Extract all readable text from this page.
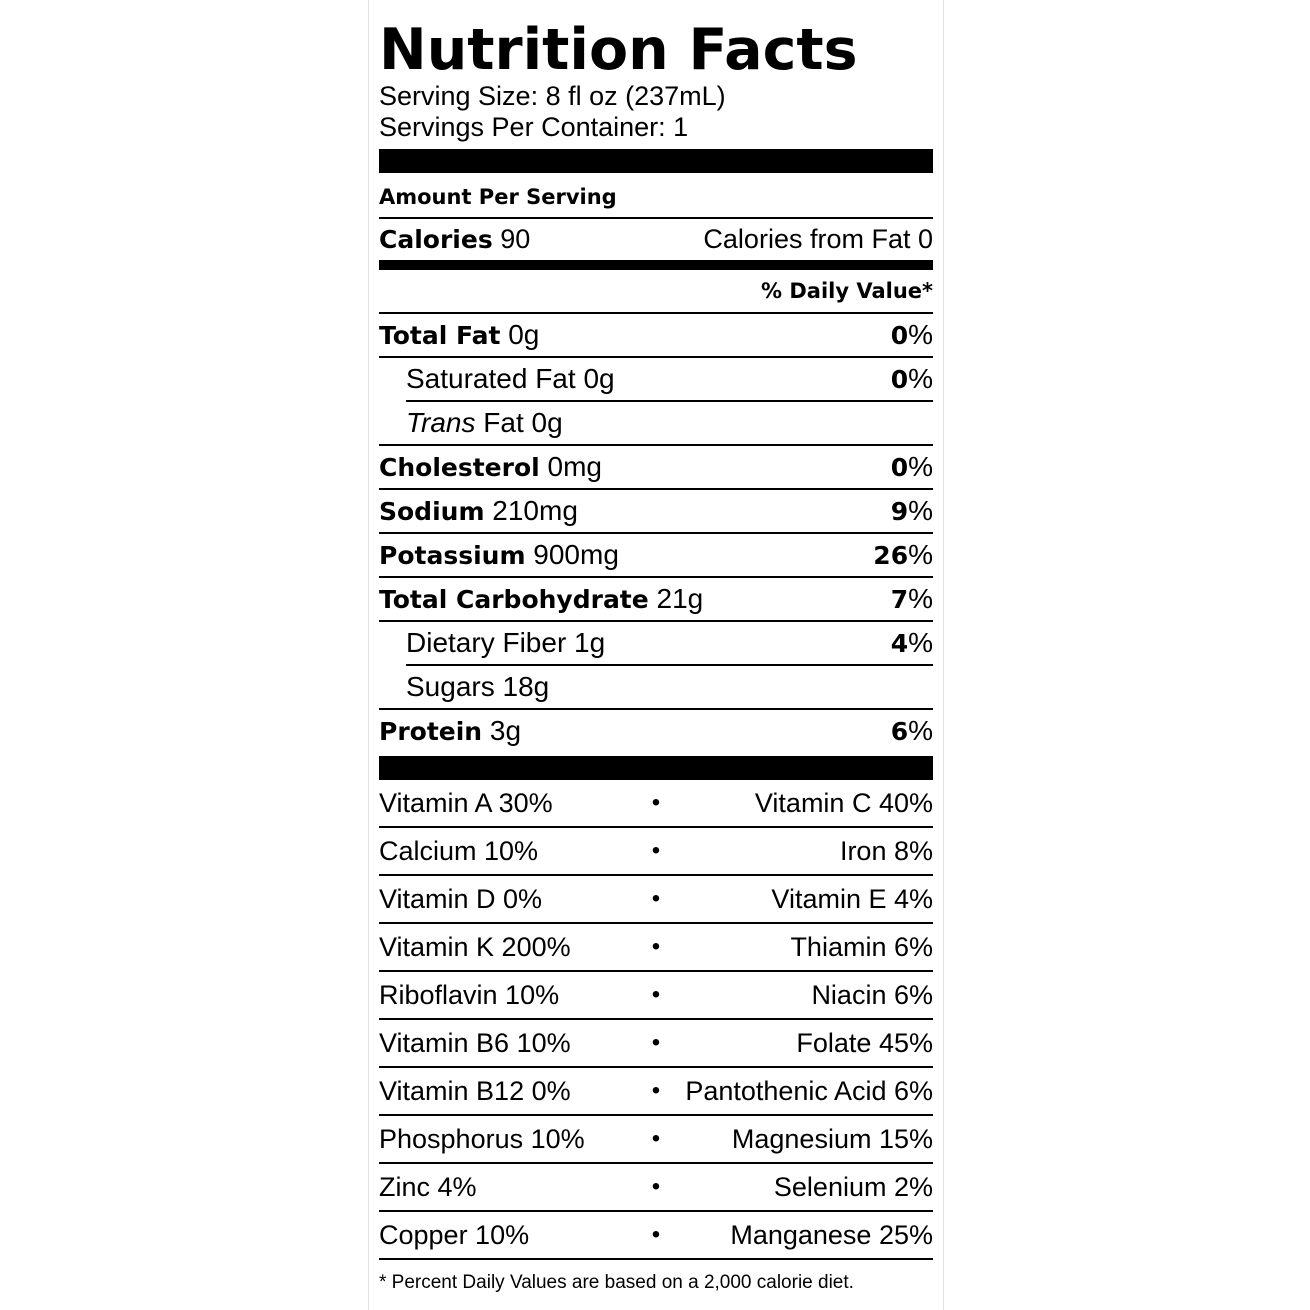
Nutrition Facts
Serving Size: 8 fl oz (237mL)
Servings Per Container: 1
Amount Per Serving
Calories 90	Calories from Fat 0
% Daily Value*
Total Fat 0g	0%
Saturated Fat 0g	0%
Trans Fat 0g
Cholesterol 0mg	0%
Sodium 210mg	9%
Potassium 900mg	26%
Total Carbohydrate 21g	7%
Dietary Fiber 1g	4%
Sugars 18g
Protein 3g	6%
Vitamin A 30%	•	Vitamin C 40%
Calcium 10%	•	Iron 8%
Vitamin D 0%	•	Vitamin E 4%
Vitamin K 200%	•	Thiamin 6%
Riboflavin 10%	•	Niacin 6%
Vitamin B6 10%	•	Folate 45%
Vitamin B12 0%	• Pantothenic Acid 6%
Phosphorus 10%	•	Magnesium 15%
Zinc 4%	•	Selenium 2%
Copper 10%	•	Manganese 25%
* Percent Daily Values are based on a 2,000 calorie diet.
